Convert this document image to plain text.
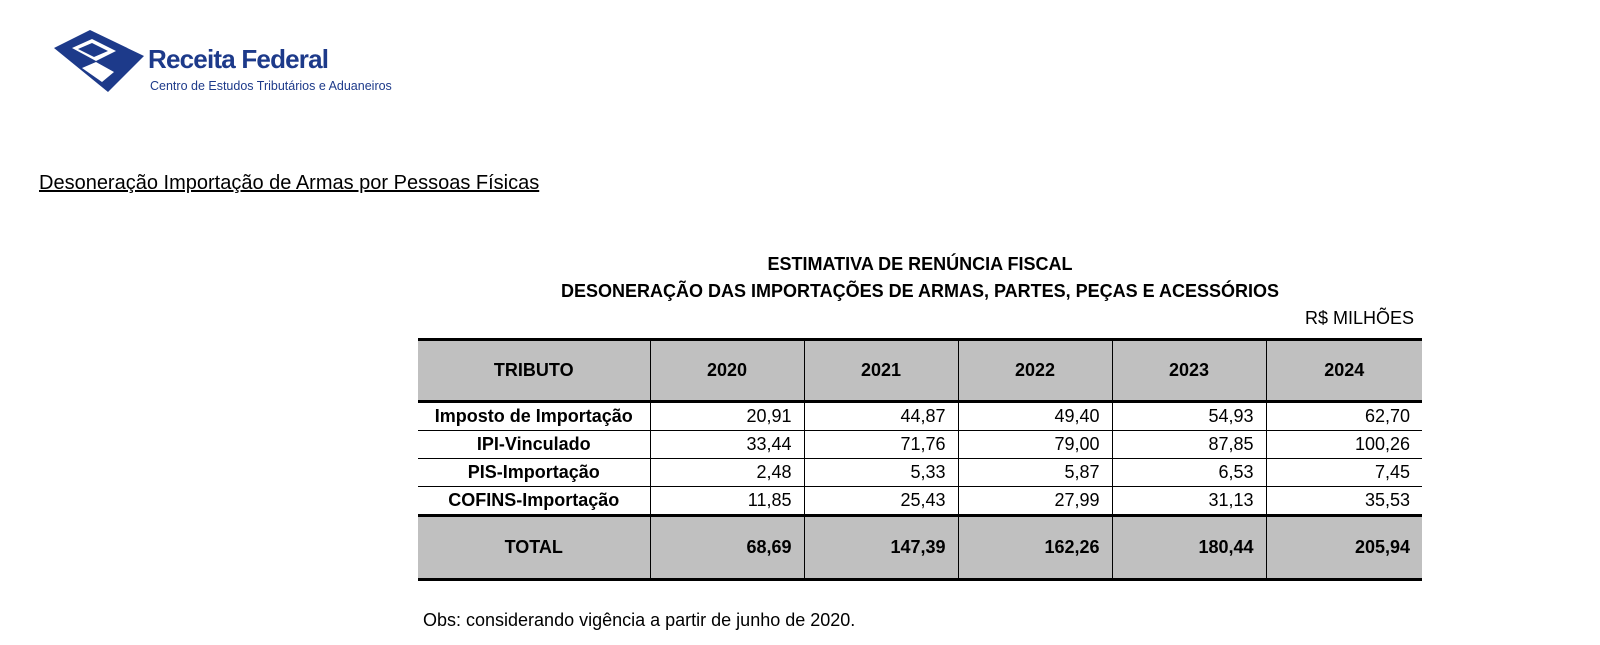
Receita Federal
Centro de Estudos Tributários e Aduaneiros
Desoneração Importação de Armas por Pessoas Físicas
ESTIMATIVA DE RENÚNCIA FISCAL
DESONERAÇÃO DAS IMPORTAÇÕES DE ARMAS, PARTES, PEÇAS E ACESSÓRIOS
R$ MILHÕES
TRIBUTO	2020	2021	2022	2023	2024
Imposto de Importação	20,91	44,87	49,40	54,93	62,70
IPI-Vinculado	33,44	71,76	79,00	87,85	100,26
PIS-Importação	2,48	5,33	5,87	6,53	7,45
COFINS-Importação	11,85	25,43	27,99	31,13	35,53
TOTAL	68,69	147,39	162,26	180,44	205,94
Obs: considerando vigência a partir de junho de 2020.
